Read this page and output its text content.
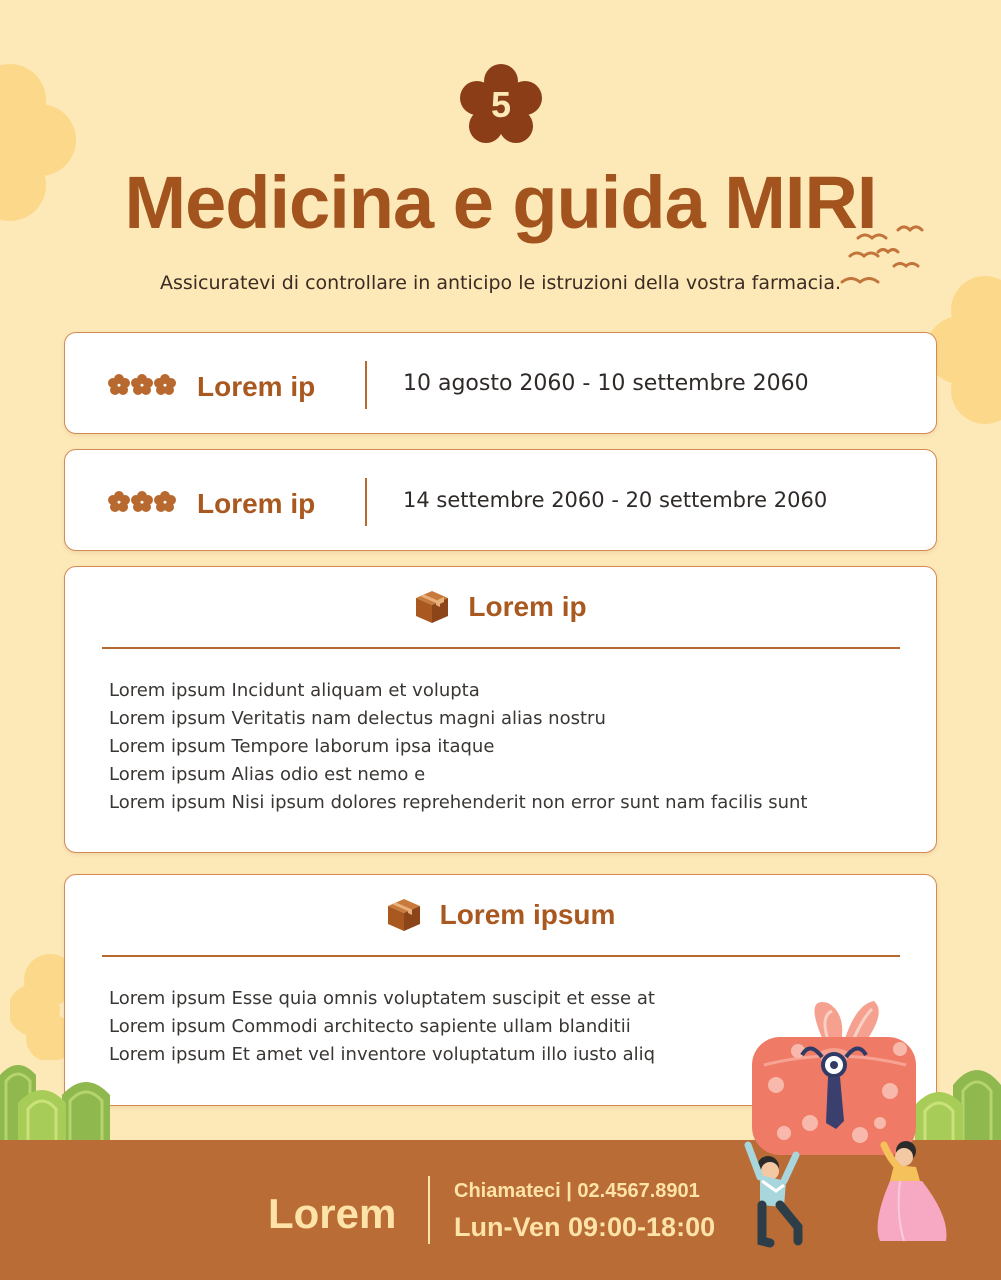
5
Medicina e guida MIRI

Assicuratevi di controllare in anticipo le istruzioni della vostra farmacia.

Lorem ip	10 agosto 2060 - 10 settembre 2060
Lorem ip	14 settembre 2060 - 20 settembre 2060
Lorem ip
Lorem ipsum Incidunt aliquam et volupta
Lorem ipsum Veritatis nam delectus magni alias nostru
Lorem ipsum Tempore laborum ipsa itaque
Lorem ipsum Alias odio est nemo e
Lorem ipsum Nisi ipsum dolores reprehenderit non error sunt nam facilis sunt
Lorem ipsum
Lorem ipsum Esse quia omnis voluptatem suscipit et esse at
Lorem ipsum Commodi architecto sapiente ullam blanditii
Lorem ipsum Et amet vel inventore voluptatum illo iusto aliq
Lorem	Chiamateci | 02.4567.8901
Lun-Ven 09:00-18:00
